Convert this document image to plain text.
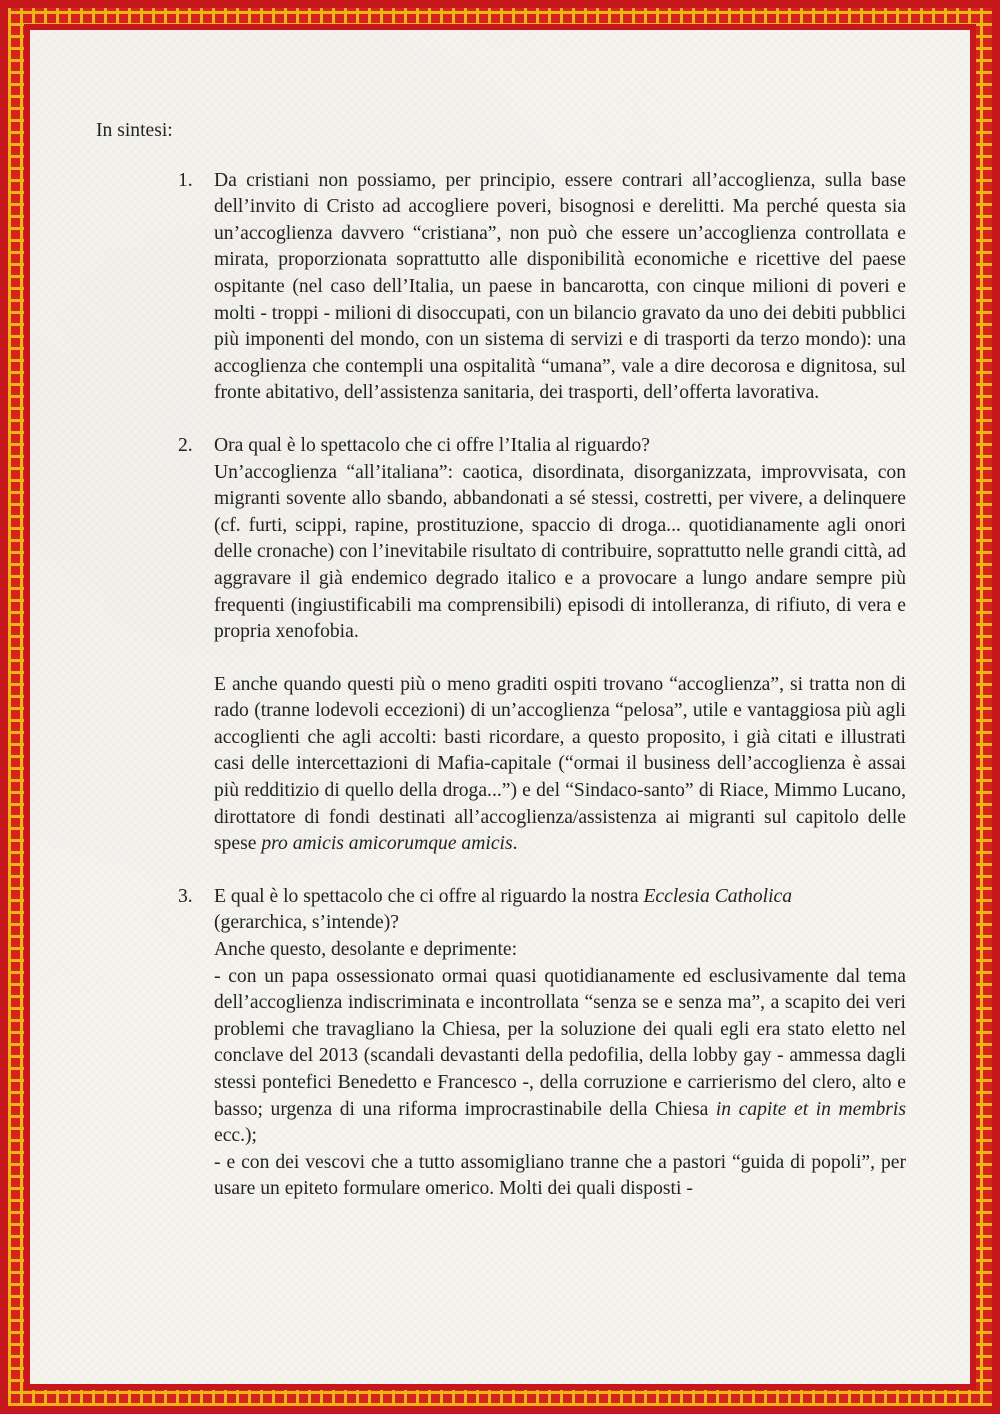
In sintesi:

1.	Da cristiani non possiamo, per principio, essere contrari all’accoglienza, sulla base dell’invito di Cristo ad accogliere poveri, bisognosi e derelitti. Ma perché questa sia un’accoglienza davvero “cristiana”, non può che essere un’accoglienza controllata e mirata, proporzionata soprattutto alle disponibilità economiche e ricettive del paese ospitante (nel caso dell’Italia, un paese in bancarotta, con cinque milioni di poveri e molti - troppi - milioni di disoccupati, con un bilancio gravato da uno dei debiti pubblici più imponenti del mondo, con un sistema di servizi e di trasporti da terzo mondo): una accoglienza che contempli una ospitalità “umana”, vale a dire decorosa e dignitosa, sul fronte abitativo, dell’assistenza sanitaria, dei trasporti, dell’offerta lavorativa.

2.	Ora qual è lo spettacolo che ci offre l’Italia al riguardo?

Un’accoglienza “all’italiana”: caotica, disordinata, disorganizzata, improvvisata, con migranti sovente allo sbando, abbandonati a sé stessi, costretti, per vivere, a delinquere (cf. furti, scippi, rapine, prostituzione, spaccio di droga... quotidianamente agli onori delle cronache) con l’inevitabile risultato di contribuire, soprattutto nelle grandi città, ad aggravare il già endemico degrado italico e a provocare a lungo andare sempre più frequenti (ingiustificabili ma comprensibili) episodi di intolleranza, di rifiuto, di vera e propria xenofobia.

E anche quando questi più o meno graditi ospiti trovano “accoglienza”, si tratta non di rado (tranne lodevoli eccezioni) di un’accoglienza “pelosa”, utile e vantaggiosa più agli accoglienti che agli accolti: basti ricordare, a questo proposito, i già citati e illustrati casi delle intercettazioni di Mafia-capitale (“ormai il business dell’accoglienza è assai più redditizio di quello della droga...”) e del “Sindaco-santo” di Riace, Mimmo Lucano, dirottatore di fondi destinati all’accoglienza/assistenza ai migranti sul capitolo delle spese pro amicis amicorumque amicis.

3.	E qual è lo spettacolo che ci offre al riguardo la nostra Ecclesia Catholica

(gerarchica, s’intende)?

Anche questo, desolante e deprimente:

- con un papa ossessionato ormai quasi quotidianamente ed esclusivamente dal tema dell’accoglienza indiscriminata e incontrollata “senza se e senza ma”, a scapito dei veri problemi che travagliano la Chiesa, per la soluzione dei quali egli era stato eletto nel conclave del 2013 (scandali devastanti della pedofilia, della lobby gay - ammessa dagli stessi pontefici Benedetto e Francesco -, della corruzione e carrierismo del clero, alto e basso; urgenza di una riforma improcrastinabile della Chiesa in capite et in membris ecc.);

- e con dei vescovi che a tutto assomigliano tranne che a pastori “guida di popoli”, per usare un epiteto formulare omerico. Molti dei quali disposti -
